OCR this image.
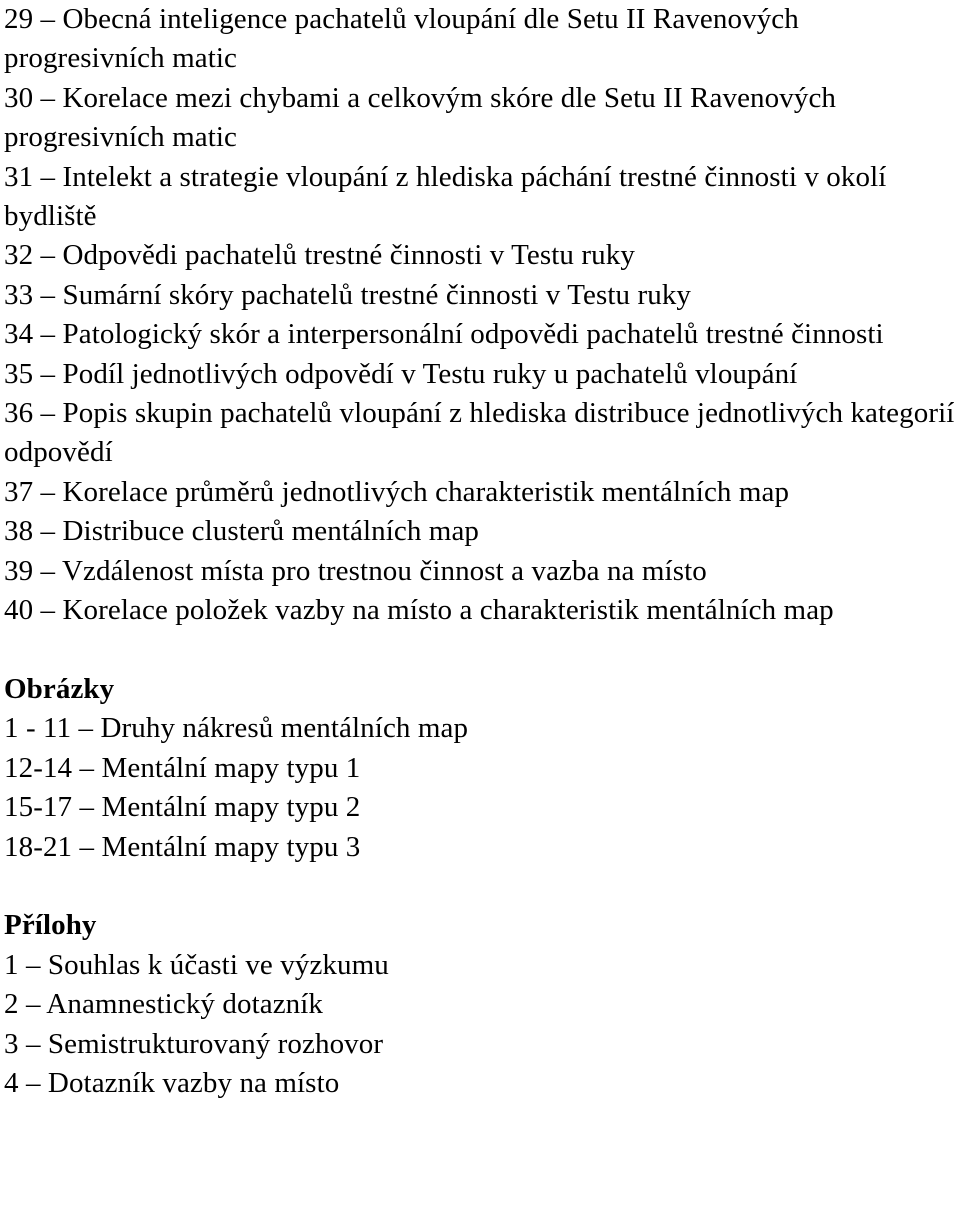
29 – Obecná inteligence pachatelů vloupání dle Setu II Ravenových progresivních matic
30 – Korelace mezi chybami a celkovým skóre dle Setu II Ravenových progresivních matic
31 – Intelekt a strategie vloupání z hlediska páchání trestné činnosti v okolí bydliště
32 – Odpovědi pachatelů trestné činnosti v Testu ruky
33 – Sumární skóry pachatelů trestné činnosti v Testu ruky
34 – Patologický skór a interpersonální odpovědi pachatelů trestné činnosti
35 – Podíl jednotlivých odpovědí v Testu ruky u pachatelů vloupání
36 – Popis skupin pachatelů vloupání z hlediska distribuce jednotlivých kategorií odpovědí
37 – Korelace průměrů jednotlivých charakteristik mentálních map
38 – Distribuce clusterů mentálních map
39 – Vzdálenost místa pro trestnou činnost a vazba na místo
40 – Korelace položek vazby na místo a charakteristik mentálních map
Obrázky
1 - 11 – Druhy nákresů mentálních map
12-14 – Mentální mapy typu 1
15-17 – Mentální mapy typu 2
18-21 – Mentální mapy typu 3
Přílohy
1 – Souhlas k účasti ve výzkumu
2 – Anamnestický dotazník
3 – Semistrukturovaný rozhovor
4 – Dotazník vazby na místo
